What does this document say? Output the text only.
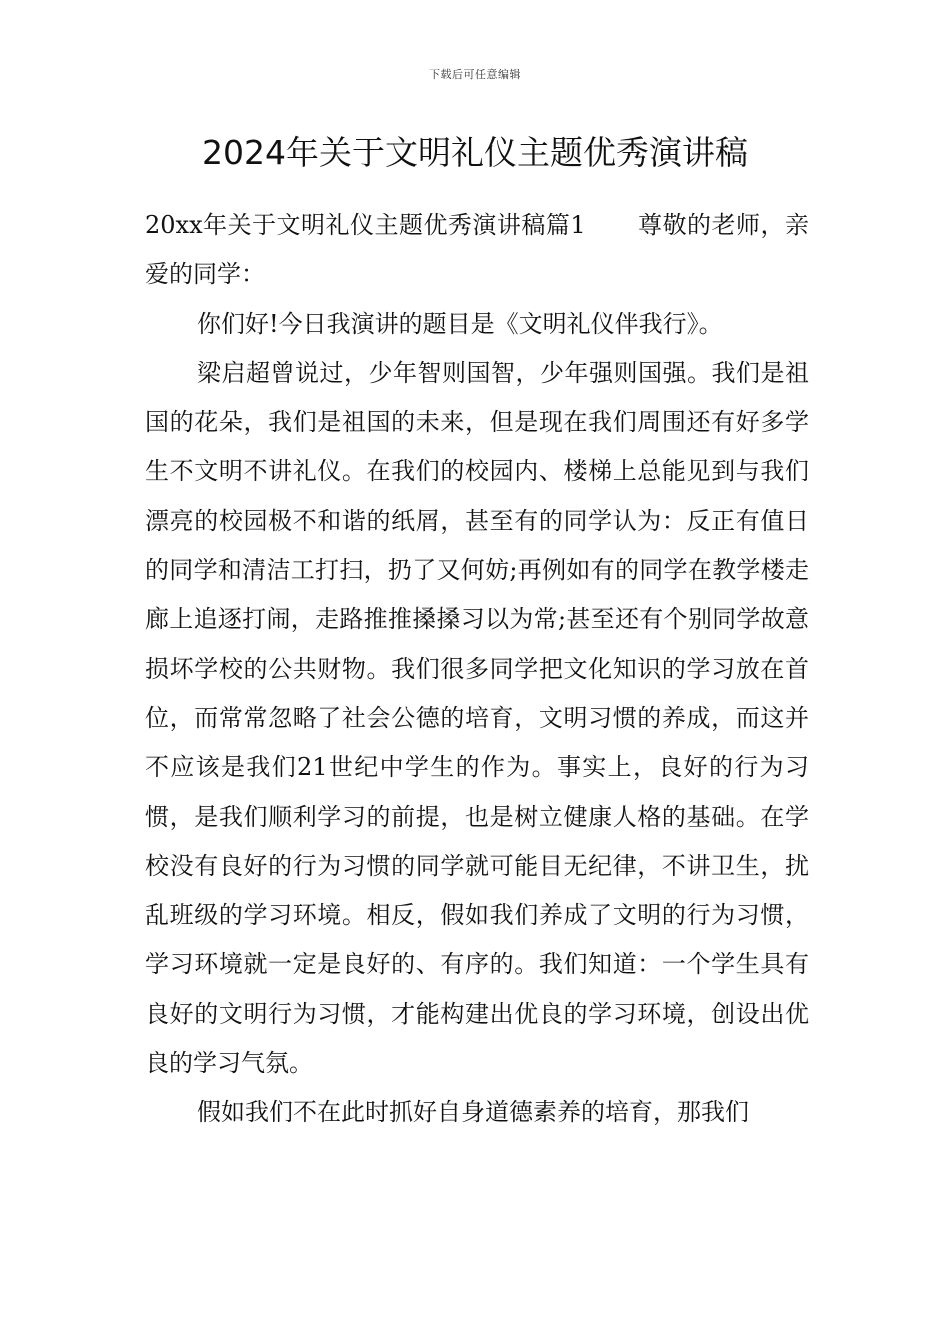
下载后可任意编辑
2024年关于文明礼仪主题优秀演讲稿

20xx年关于文明礼仪主题优秀演讲稿篇1 尊敬的老师，亲爱的同学：

你们好!今日我演讲的题目是《文明礼仪伴我行》。

梁启超曾说过，少年智则国智，少年强则国强。我们是祖国的花朵，我们是祖国的未来，但是现在我们周围还有好多学生不文明不讲礼仪。在我们的校园内、楼梯上总能见到与我们漂亮的校园极不和谐的纸屑，甚至有的同学认为：反正有值日的同学和清洁工打扫，扔了又何妨;再例如有的同学在教学楼走廊上追逐打闹，走路推推搡搡习以为常;甚至还有个别同学故意损坏学校的公共财物。我们很多同学把文化知识的学习放在首位，而常常忽略了社会公德的培育，文明习惯的养成，而这并不应该是我们21世纪中学生的作为。事实上，良好的行为习惯，是我们顺利学习的前提，也是树立健康人格的基础。在学校没有良好的行为习惯的同学就可能目无纪律，不讲卫生，扰乱班级的学习环境。相反，假如我们养成了文明的行为习惯，学习环境就一定是良好的、有序的。我们知道：一个学生具有良好的文明行为习惯，才能构建出优良的学习环境，创设出优良的学习气氛。

假如我们不在此时抓好自身道德素养的培育，那我们
